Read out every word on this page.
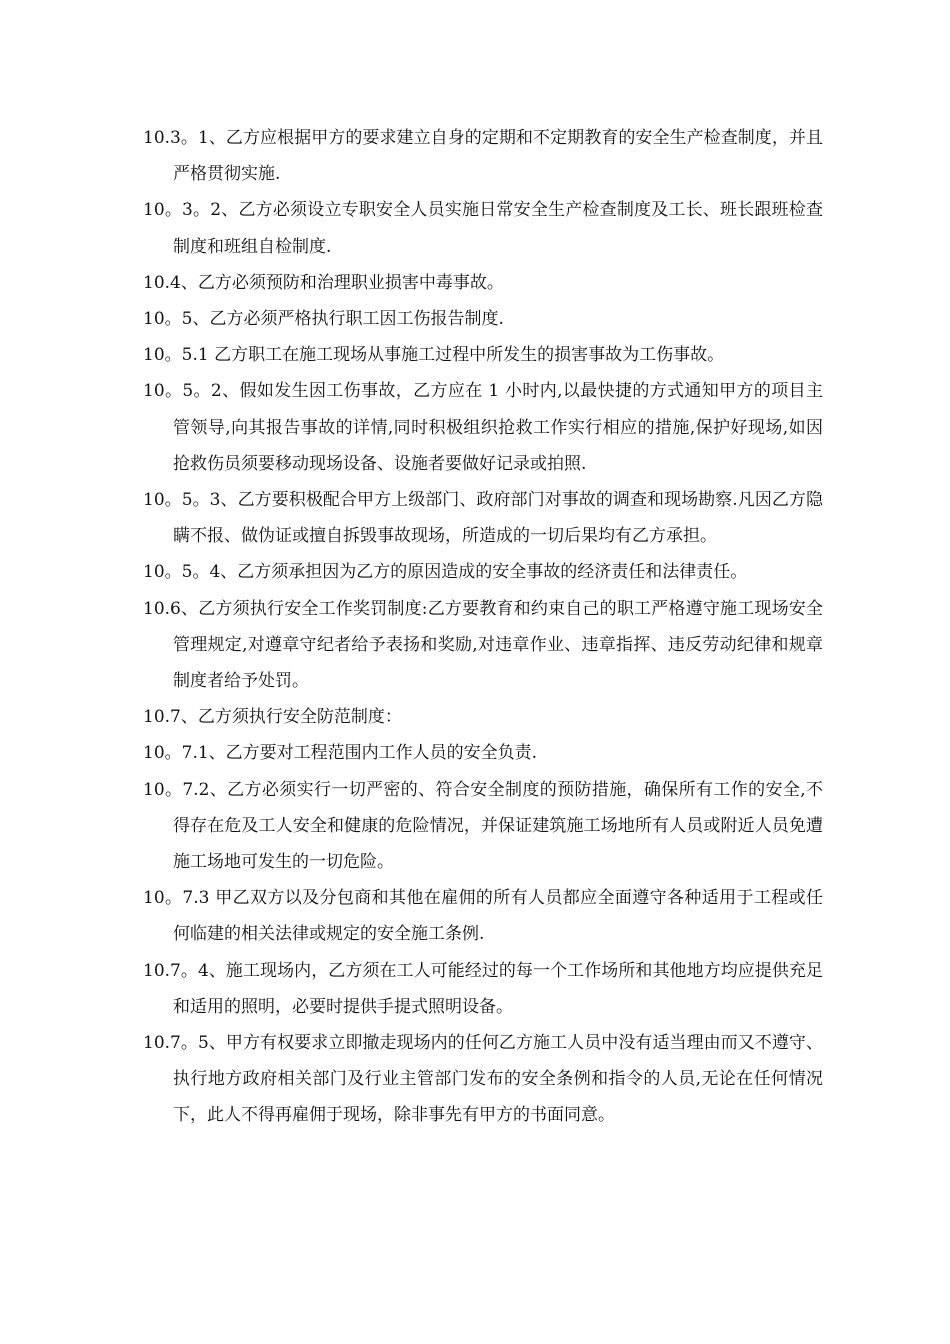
10.3。1、乙方应根据甲方的要求建立自身的定期和不定期教育的安全生产检查制度，并且严格贯彻实施.

10。3。2、乙方必须设立专职安全人员实施日常安全生产检查制度及工长、班长跟班检查制度和班组自检制度.

10.4、乙方必须预防和治理职业损害中毒事故。

10。5、乙方必须严格执行职工因工伤报告制度.

10。5.1 乙方职工在施工现场从事施工过程中所发生的损害事故为工伤事故。

10。5。2、假如发生因工伤事故，乙方应在 1 小时内,以最快捷的方式通知甲方的项目主管领导,向其报告事故的详情,同时积极组织抢救工作实行相应的措施,保护好现场,如因抢救伤员须要移动现场设备、设施者要做好记录或拍照.

10。5。3、乙方要积极配合甲方上级部门、政府部门对事故的调查和现场勘察.凡因乙方隐瞒不报、做伪证或擅自拆毁事故现场，所造成的一切后果均有乙方承担。

10。5。4、乙方须承担因为乙方的原因造成的安全事故的经济责任和法律责任。

10.6、乙方须执行安全工作奖罚制度:乙方要教育和约束自己的职工严格遵守施工现场安全管理规定,对遵章守纪者给予表扬和奖励,对违章作业、违章指挥、违反劳动纪律和规章制度者给予处罚。

10.7、乙方须执行安全防范制度：

10。7.1、乙方要对工程范围内工作人员的安全负责.

10。7.2、乙方必须实行一切严密的、符合安全制度的预防措施，确保所有工作的安全,不得存在危及工人安全和健康的危险情况，并保证建筑施工场地所有人员或附近人员免遭施工场地可发生的一切危险。

10。7.3 甲乙双方以及分包商和其他在雇佣的所有人员都应全面遵守各种适用于工程或任何临建的相关法律或规定的安全施工条例.

10.7。4、施工现场内，乙方须在工人可能经过的每一个工作场所和其他地方均应提供充足和适用的照明，必要时提供手提式照明设备。

10.7。5、甲方有权要求立即撤走现场内的任何乙方施工人员中没有适当理由而又不遵守、执行地方政府相关部门及行业主管部门发布的安全条例和指令的人员,无论在任何情况下，此人不得再雇佣于现场，除非事先有甲方的书面同意。
